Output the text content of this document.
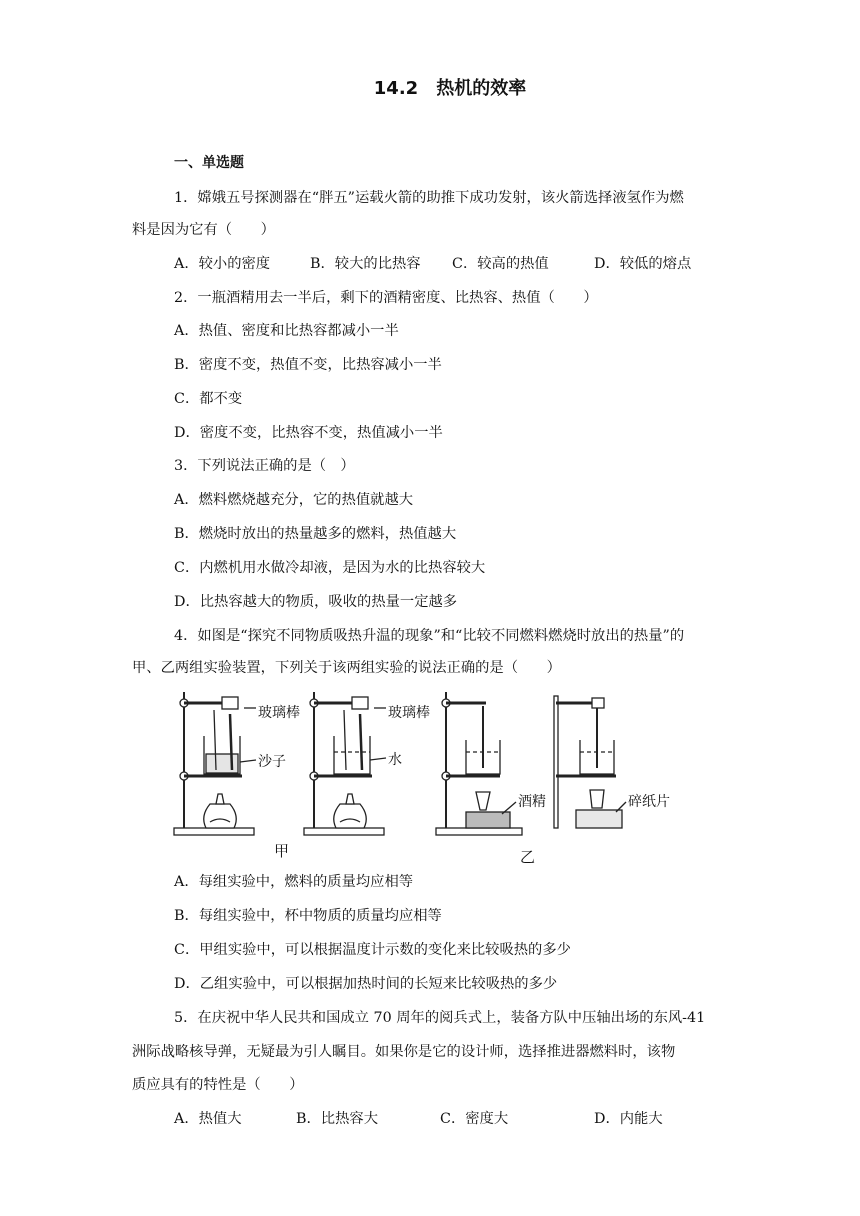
14.2　热机的效率
一、单选题
1．嫦娥五号探测器在“胖五”运载火箭的助推下成功发射，该火箭选择液氢作为燃
料是因为它有（　　）
A．较小的密度	B．较大的比热容 C．较高的热值	D．较低的熔点
2．一瓶酒精用去一半后，剩下的酒精密度、比热容、热值（　　）
A．热值、密度和比热容都减小一半
B．密度不变，热值不变，比热容减小一半
C．都不变
D．密度不变，比热容不变，热值减小一半
3．下列说法正确的是（　）
A．燃料燃烧越充分，它的热值就越大
B．燃烧时放出的热量越多的燃料，热值越大
C．内燃机用水做冷却液，是因为水的比热容较大
D．比热容越大的物质，吸收的热量一定越多
4．如图是“探究不同物质吸热升温的现象”和“比较不同燃料燃烧时放出的热量”的
甲、乙两组实验装置，下列关于该两组实验的说法正确的是（　　）
玻璃棒
沙子
玻璃棒
水
酒精	碎纸片
甲	乙
A．每组实验中，燃料的质量均应相等
B．每组实验中，杯中物质的质量均应相等
C．甲组实验中，可以根据温度计示数的变化来比较吸热的多少
D．乙组实验中，可以根据加热时间的长短来比较吸热的多少
5．在庆祝中华人民共和国成立 70 周年的阅兵式上，装备方队中压轴出场的东风-41
洲际战略核导弹，无疑最为引人瞩目。如果你是它的设计师，选择推进器燃料时，该物
质应具有的特性是（　　）
A．热值大	B．比热容大	C．密度大	D．内能大
